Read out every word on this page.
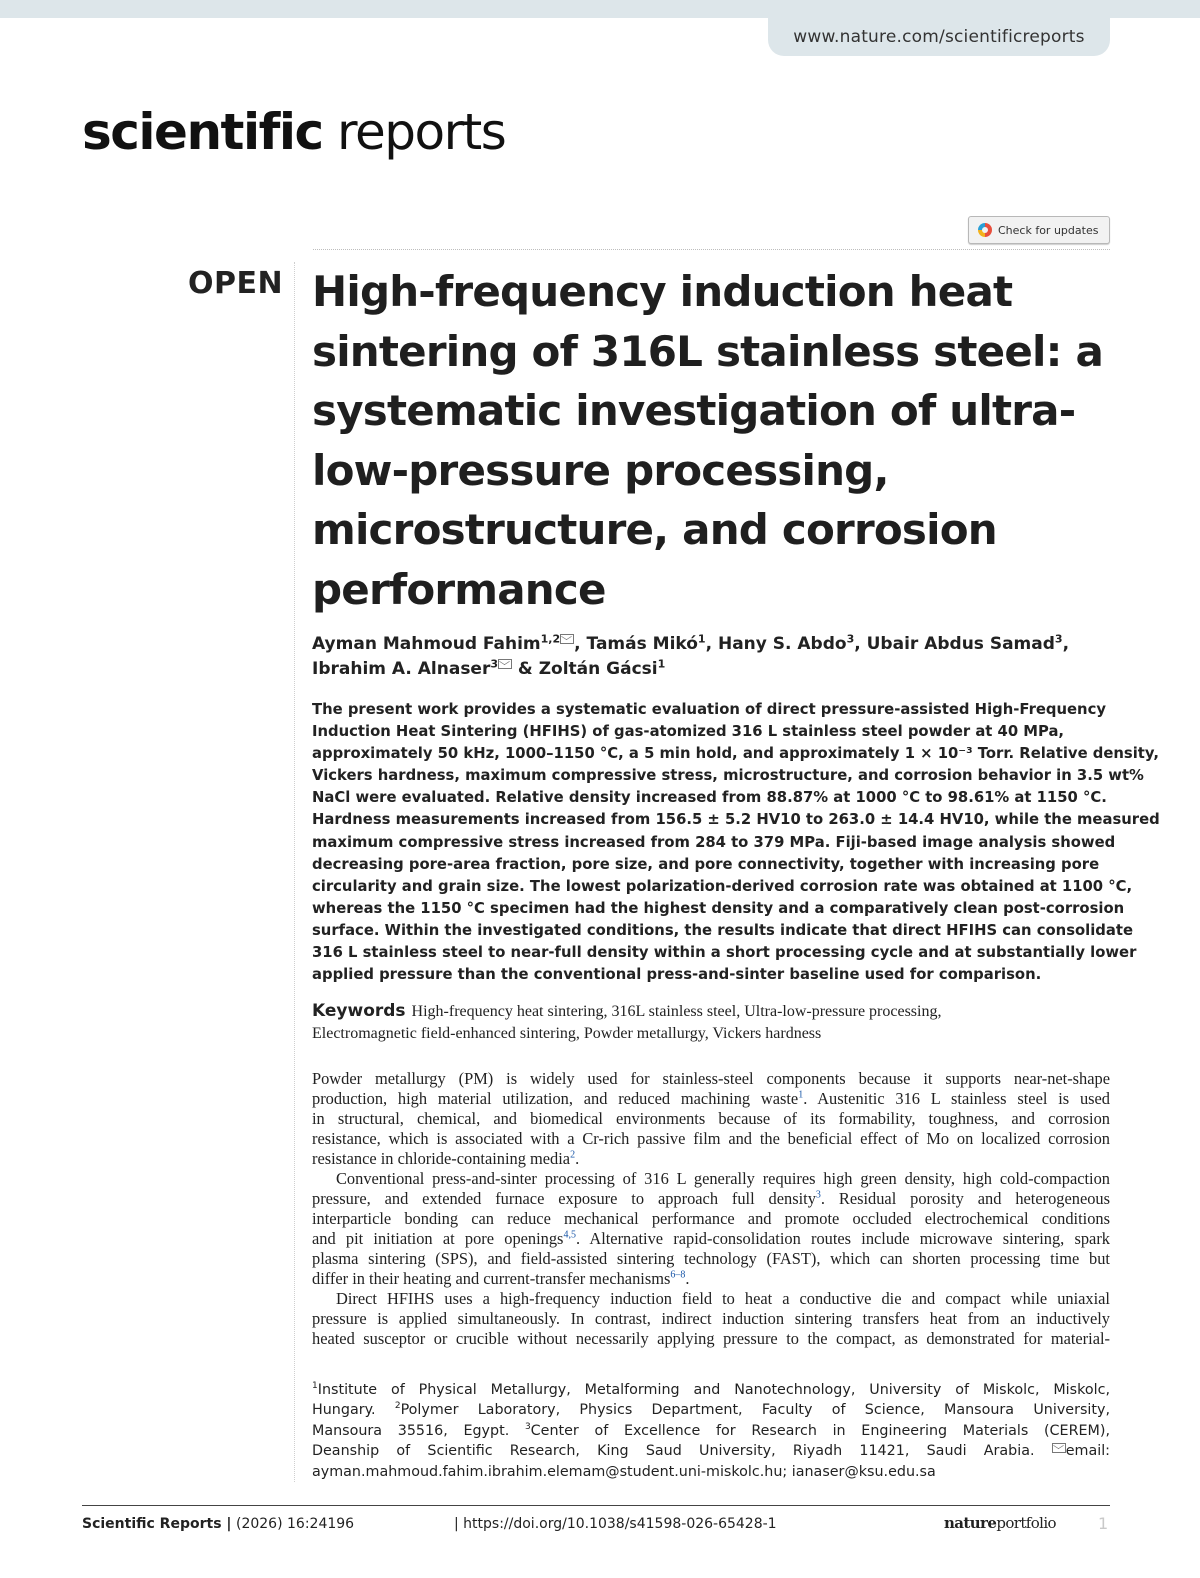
www.nature.com/scientificreports
scientific reports
Check for updates
OPEN High-frequency induction heat sintering of 316L stainless steel: a systematic investigation of ultra-low-pressure processing, microstructure, and corrosion performance
Ayman Mahmoud Fahim$^{1,2}$ , Tamás Mikó$^1$, Hany S. Abdo$^3$, Ubair Abdus Samad$^3$,
Ibrahim A. Alnaser$^3$ & Zoltán Gácsi$^1$
The present work provides a systematic evaluation of direct pressure-assisted High-Frequency
Induction Heat Sintering (HFIHS) of gas-atomized 316 L stainless steel powder at 40 MPa,
approximately 50 kHz, 1000–1150 °C, a 5 min hold, and approximately 1 × 10⁻³ Torr. Relative density,
Vickers hardness, maximum compressive stress, microstructure, and corrosion behavior in 3.5 wt%
NaCl were evaluated. Relative density increased from 88.87% at 1000 °C to 98.61% at 1150 °C.
Hardness measurements increased from 156.5 ± 5.2 HV10 to 263.0 ± 14.4 HV10, while the measured
maximum compressive stress increased from 284 to 379 MPa. Fiji-based image analysis showed
decreasing pore-area fraction, pore size, and pore connectivity, together with increasing pore
circularity and grain size. The lowest polarization-derived corrosion rate was obtained at 1100 °C,
whereas the 1150 °C specimen had the highest density and a comparatively clean post-corrosion
surface. Within the investigated conditions, the results indicate that direct HFIHS can consolidate
316 L stainless steel to near-full density within a short processing cycle and at substantially lower
applied pressure than the conventional press-and-sinter baseline used for comparison.
Keywords High-frequency heat sintering, 316L stainless steel, Ultra-low-pressure processing,
Electromagnetic field-enhanced sintering, Powder metallurgy, Vickers hardness
Powder metallurgy (PM) is widely used for stainless-steel components because it supports near-net-shape
production, high material utilization, and reduced machining waste$^1$. Austenitic 316 L stainless steel is used
in structural, chemical, and biomedical environments because of its formability, toughness, and corrosion
resistance, which is associated with a Cr-rich passive film and the beneficial effect of Mo on localized corrosion
resistance in chloride-containing media$^2$.
Conventional press-and-sinter processing of 316 L generally requires high green density, high cold-compaction
pressure, and extended furnace exposure to approach full density$^3$. Residual porosity and heterogeneous
interparticle bonding can reduce mechanical performance and promote occluded electrochemical conditions
and pit initiation at pore openings$^{4,5}$. Alternative rapid-consolidation routes include microwave sintering, spark
plasma sintering (SPS), and field-assisted sintering technology (FAST), which can shorten processing time but
differ in their heating and current-transfer mechanisms$^{6-8}$.
Direct HFIHS uses a high-frequency induction field to heat a conductive die and compact while uniaxial
pressure is applied simultaneously. In contrast, indirect induction sintering transfers heat from an inductively
heated susceptor or crucible without necessarily applying pressure to the compact, as demonstrated for material-
$^1$Institute of Physical Metallurgy, Metalforming and Nanotechnology, University of Miskolc, Miskolc,
Hungary. $^2$Polymer Laboratory, Physics Department, Faculty of Science, Mansoura University,
Mansoura 35516, Egypt. $^3$Center of Excellence for Research in Engineering Materials (CEREM),
Deanship of Scientific Research, King Saud University, Riyadh 11421, Saudi Arabia. email:
ayman.mahmoud.fahim.ibrahim.elemam@student.uni-miskolc.hu; ianaser@ksu.edu.sa
Scientific Reports | (2026) 16:24196	| https://doi.org/10.1038/s41598-026-65428-1	natureportfolio	1
